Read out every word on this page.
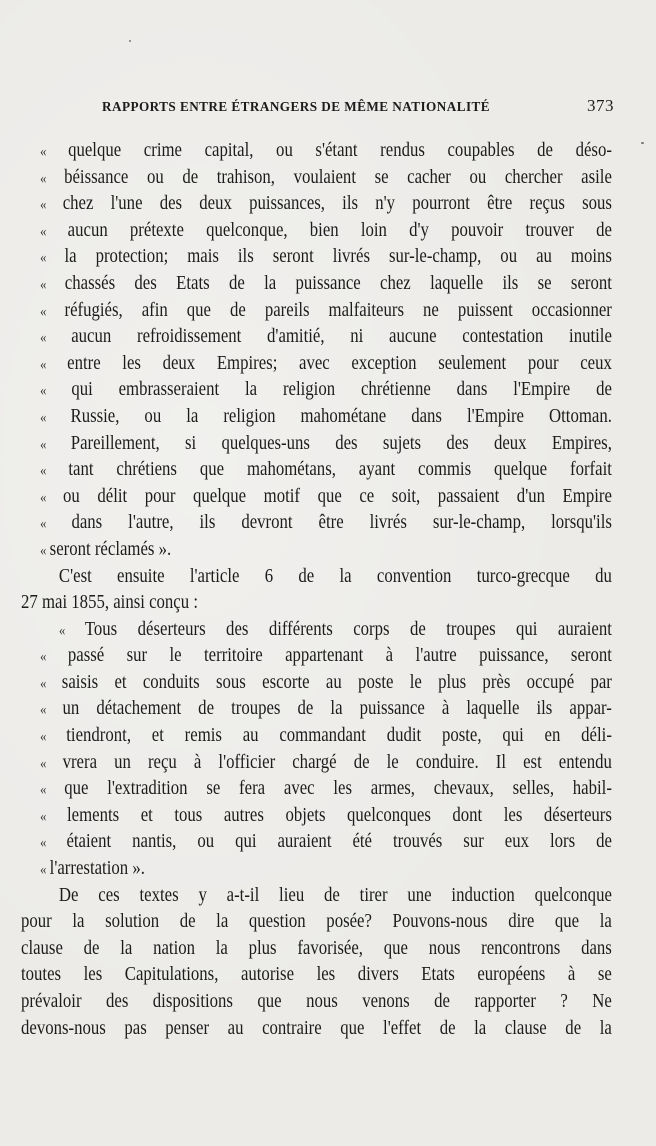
RAPPORTS ENTRE ÉTRANGERS DE MÊME NATIONALITÉ	373
« quelque crime capital, ou s'étant rendus coupables de déso-
« béissance ou de trahison, voulaient se cacher ou chercher asile
« chez l'une des deux puissances, ils n'y pourront être reçus sous
« aucun prétexte quelconque, bien loin d'y pouvoir trouver de
« la protection; mais ils seront livrés sur-le-champ, ou au moins
« chassés des Etats de la puissance chez laquelle ils se seront
« réfugiés, afin que de pareils malfaiteurs ne puissent occasionner
« aucun refroidissement d'amitié, ni aucune contestation inutile
« entre les deux Empires; avec exception seulement pour ceux
« qui embrasseraient la religion chrétienne dans l'Empire de
« Russie, ou la religion mahométane dans l'Empire Ottoman.
« Pareillement, si quelques-uns des sujets des deux Empires,
« tant chrétiens que mahométans, ayant commis quelque forfait
« ou délit pour quelque motif que ce soit, passaient d'un Empire
« dans l'autre, ils devront être livrés sur-le-champ, lorsqu'ils
« seront réclamés ».
C'est ensuite l'article 6 de la convention turco-grecque du
27 mai 1855, ainsi conçu :
« Tous déserteurs des différents corps de troupes qui auraient
« passé sur le territoire appartenant à l'autre puissance, seront
« saisis et conduits sous escorte au poste le plus près occupé par
« un détachement de troupes de la puissance à laquelle ils appar-
« tiendront, et remis au commandant dudit poste, qui en déli-
« vrera un reçu à l'officier chargé de le conduire. Il est entendu
« que l'extradition se fera avec les armes, chevaux, selles, habil-
« lements et tous autres objets quelconques dont les déserteurs
« étaient nantis, ou qui auraient été trouvés sur eux lors de
« l'arrestation ».
De ces textes y a-t-il lieu de tirer une induction quelconque
pour la solution de la question posée? Pouvons-nous dire que la
clause de la nation la plus favorisée, que nous rencontrons dans
toutes les Capitulations, autorise les divers Etats européens à se
prévaloir des dispositions que nous venons de rapporter ? Ne
devons-nous pas penser au contraire que l'effet de la clause de la
